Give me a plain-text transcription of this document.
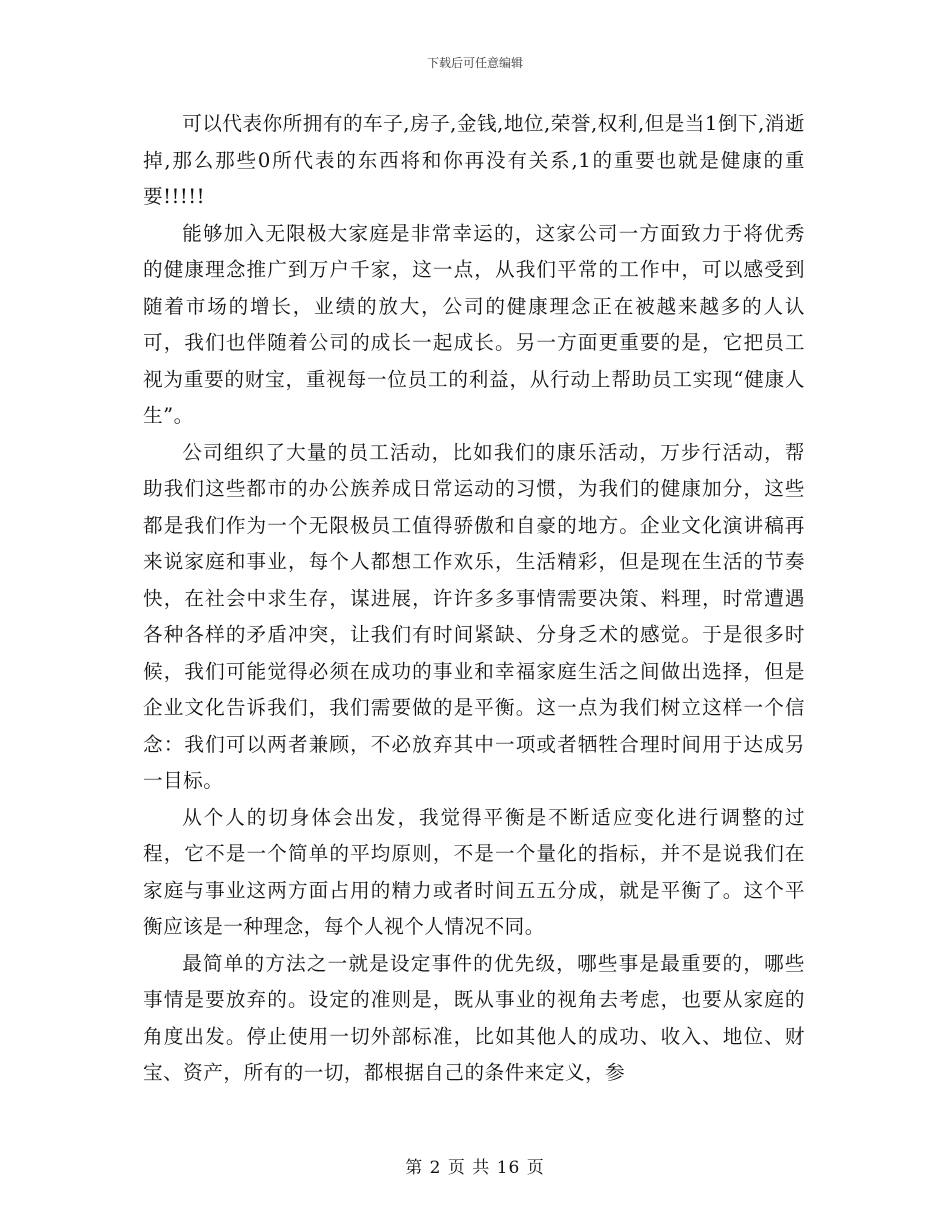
下载后可任意编辑

可以代表你所拥有的车子,房子,金钱,地位,荣誉,权利,但是当1倒下,消逝掉,那么那些0所代表的东西将和你再没有关系,1的重要也就是健康的重要!!!!!

能够加入无限极大家庭是非常幸运的，这家公司一方面致力于将优秀的健康理念推广到万户千家，这一点，从我们平常的工作中，可以感受到随着市场的增长，业绩的放大，公司的健康理念正在被越来越多的人认可，我们也伴随着公司的成长一起成长。另一方面更重要的是，它把员工视为重要的财宝，重视每一位员工的利益，从行动上帮助员工实现“健康人生”。

公司组织了大量的员工活动，比如我们的康乐活动，万步行活动，帮助我们这些都市的办公族养成日常运动的习惯，为我们的健康加分，这些都是我们作为一个无限极员工值得骄傲和自豪的地方。企业文化演讲稿再来说家庭和事业，每个人都想工作欢乐，生活精彩，但是现在生活的节奏快，在社会中求生存，谋进展，许许多多事情需要决策、料理，时常遭遇各种各样的矛盾冲突，让我们有时间紧缺、分身乏术的感觉。于是很多时候，我们可能觉得必须在成功的事业和幸福家庭生活之间做出选择，但是企业文化告诉我们，我们需要做的是平衡。这一点为我们树立这样一个信念：我们可以两者兼顾，不必放弃其中一项或者牺牲合理时间用于达成另一目标。

从个人的切身体会出发，我觉得平衡是不断适应变化进行调整的过程，它不是一个简单的平均原则，不是一个量化的指标，并不是说我们在家庭与事业这两方面占用的精力或者时间五五分成，就是平衡了。这个平衡应该是一种理念，每个人视个人情况不同。

最简单的方法之一就是设定事件的优先级，哪些事是最重要的，哪些事情是要放弃的。设定的准则是，既从事业的视角去考虑，也要从家庭的角度出发。停止使用一切外部标准，比如其他人的成功、收入、地位、财宝、资产，所有的一切，都根据自己的条件来定义，参

第 2 页 共 16 页
